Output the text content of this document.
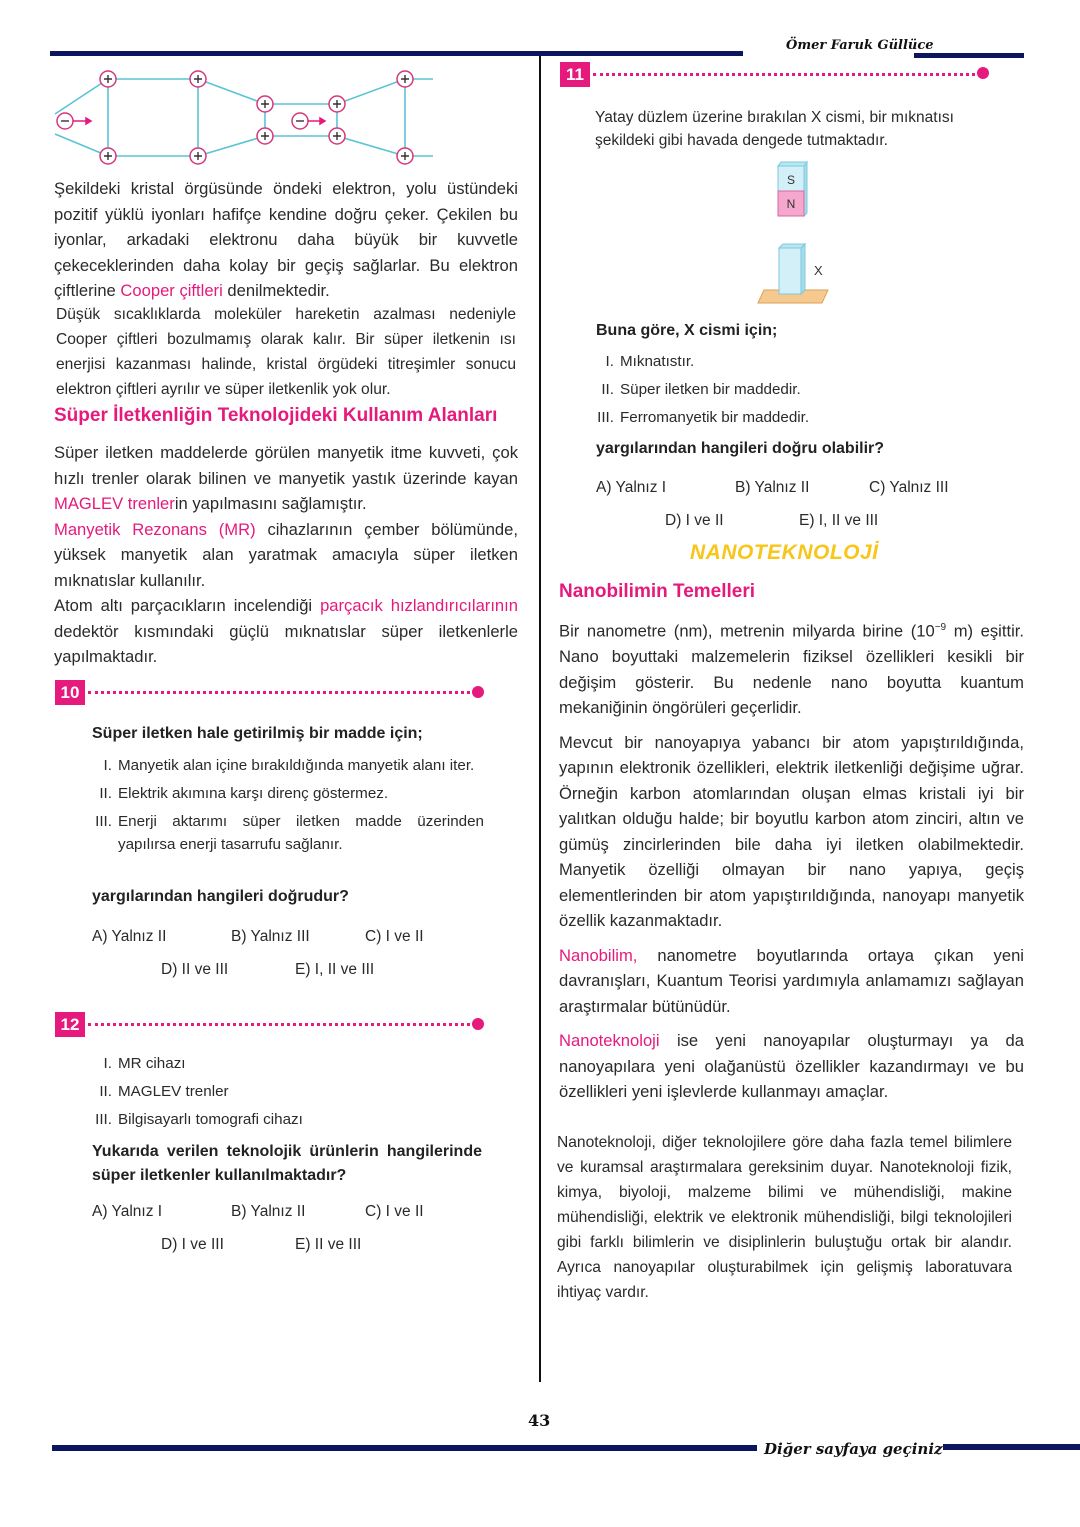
Ömer Faruk Güllüce

Şekildeki kristal örgüsünde öndeki elektron, yolu üstündeki pozitif yüklü iyonları hafifçe kendine doğru çeker. Çekilen bu iyonlar, arkadaki elektronu daha büyük bir kuvvetle çekeceklerinden daha kolay bir geçiş sağlarlar. Bu elektron çiftlerine Cooper çiftleri denilmektedir.

Düşük sıcaklıklarda moleküler hareketin azalması nedeniyle Cooper çiftleri bozulmamış olarak kalır. Bir süper iletkenin ısı enerjisi kazanması halinde, kristal örgüdeki titreşimler sonucu elektron çiftleri ayrılır ve süper iletkenlik yok olur.

Süper İletkenliğin Teknolojideki Kullanım Alanları

Süper iletken maddelerde görülen manyetik itme kuvveti, çok hızlı trenler olarak bilinen ve manyetik yastık üzerinde kayan MAGLEV trenlerin yapılmasını sağlamıştır.

Manyetik Rezonans (MR) cihazlarının çember bölümünde, yüksek manyetik alan yaratmak amacıyla süper iletken mıknatıslar kullanılır.

Atom altı parçacıkların incelendiği parçacık hızlandırıcılarının dedektör kısmındaki güçlü mıknatıslar süper iletkenlerle yapılmaktadır.

10
Süper iletken hale getirilmiş bir madde için;
I. Manyetik alan içine bırakıldığında manyetik alanı iter.
II. Elektrik akımına karşı direnç göstermez.
III. Enerji aktarımı süper iletken madde üzerinden yapılırsa enerji tasarrufu sağlanır.
yargılarından hangileri doğrudur?
A) Yalnız II	B) Yalnız III	C) I ve II
D) II ve III	E) I, II ve III
12
I. MR cihazı
II. MAGLEV trenler
III. Bilgisayarlı tomografi cihazı
Yukarıda verilen teknolojik ürünlerin hangilerinde süper iletkenler kullanılmaktadır?
A) Yalnız I	B) Yalnız II	C) I ve II
D) I ve III	E) II ve III
11
Yatay düzlem üzerine bırakılan X cismi, bir mıknatısı şekildeki gibi havada dengede tutmaktadır.
S
N
X
Buna göre, X cismi için;
I. Mıknatıstır.
II. Süper iletken bir maddedir.
III. Ferromanyetik bir maddedir.
yargılarından hangileri doğru olabilir?
A) Yalnız I	B) Yalnız II	C) Yalnız III
D) I ve II	E) I, II ve III
NANOTEKNOLOJİ
Nanobilimin Temelleri

Bir nanometre (nm), metrenin milyarda birine ($10^{-9}$ m) eşittir. Nano boyuttaki malzemelerin fiziksel özellikleri kesikli bir değişim gösterir. Bu nedenle nano boyutta kuantum mekaniğinin öngörüleri geçerlidir.

Mevcut bir nanoyapıya yabancı bir atom yapıştırıldığında, yapının elektronik özellikleri, elektrik iletkenliği değişime uğrar. Örneğin karbon atomlarından oluşan elmas kristali iyi bir yalıtkan olduğu halde; bir boyutlu karbon atom zinciri, altın ve gümüş zincirlerinden bile daha iyi iletken olabilmektedir. Manyetik özelliği olmayan bir nano yapıya, geçiş elementlerinden bir atom yapıştırıldığında, nanoyapı manyetik özellik kazanmaktadır.

Nanobilim, nanometre boyutlarında ortaya çıkan yeni davranışları, Kuantum Teorisi yardımıyla anlamamızı sağlayan araştırmalar bütünüdür.

Nanoteknoloji ise yeni nanoyapılar oluşturmayı ya da nanoyapılara yeni olağanüstü özellikler kazandırmayı ve bu özellikleri yeni işlevlerde kullanmayı amaçlar.

Nanoteknoloji, diğer teknolojilere göre daha fazla temel bilimlere ve kuramsal araştırmalara gereksinim duyar. Nanoteknoloji fizik, kimya, biyoloji, malzeme bilimi ve mühendisliği, makine mühendisliği, elektrik ve elektronik mühendisliği, bilgi teknolojileri gibi farklı bilimlerin ve disiplinlerin buluştuğu ortak bir alandır. Ayrıca nanoyapılar oluşturabilmek için gelişmiş laboratuvara ihtiyaç vardır.

43
Diğer sayfaya geçiniz
